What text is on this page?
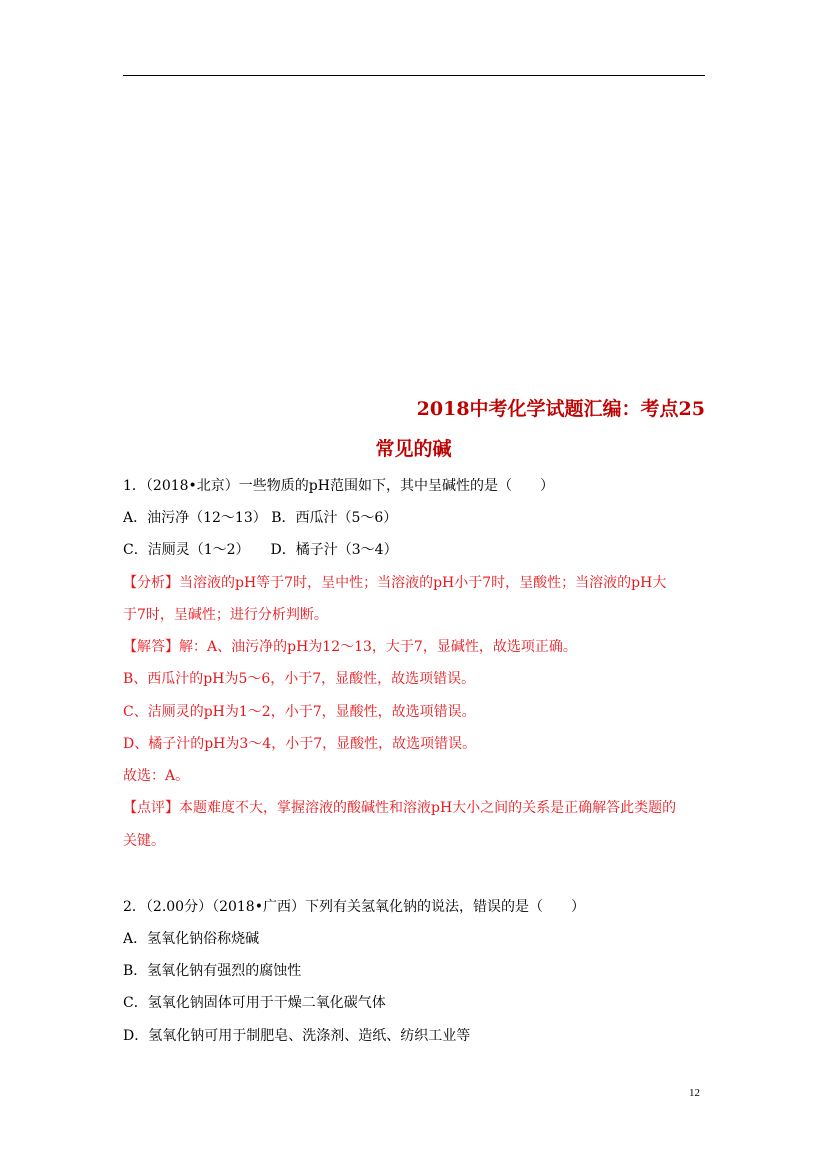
2018中考化学试题汇编：考点25
常见的碱
1．（2018•北京）一些物质的pH范围如下，其中呈碱性的是（　　）
A．油污净（12～13） B．西瓜汁（5～6）
C．洁厕灵（1～2）　　D．橘子汁（3～4）
【分析】当溶液的pH等于7时，呈中性；当溶液的pH小于7时，呈酸性；当溶液的pH大
于7时，呈碱性；进行分析判断。
【解答】解：A、油污净的pH为12～13，大于7，显碱性，故选项正确。
B、西瓜汁的pH为5～6，小于7，显酸性，故选项错误。
C、洁厕灵的pH为1～2，小于7，显酸性，故选项错误。
D、橘子汁的pH为3～4，小于7，显酸性，故选项错误。
故选：A。
【点评】本题难度不大，掌握溶液的酸碱性和溶液pH大小之间的关系是正确解答此类题的
关键。
2．（2.00分）（2018•广西）下列有关氢氧化钠的说法，错误的是（　　）
A．氢氧化钠俗称烧碱
B．氢氧化钠有强烈的腐蚀性
C．氢氧化钠固体可用于干燥二氧化碳气体
D．氢氧化钠可用于制肥皂、洗涤剂、造纸、纺织工业等
12
